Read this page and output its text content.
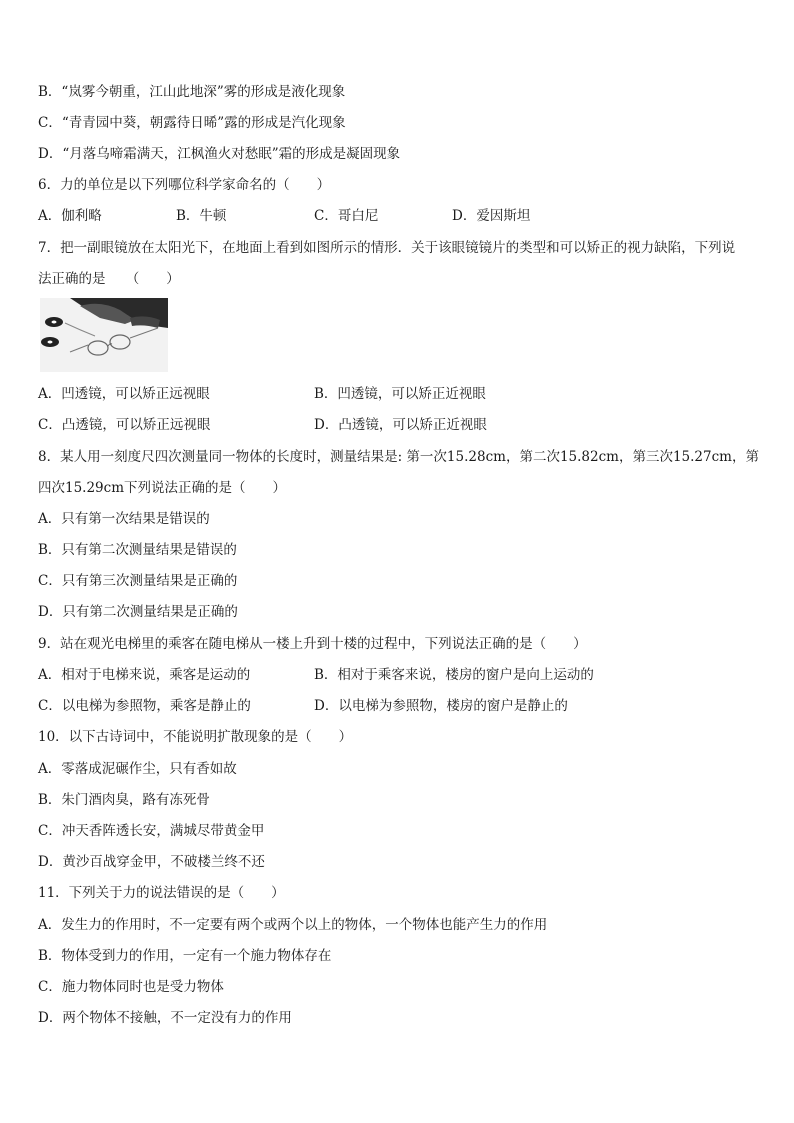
B．“岚雾今朝重，江山此地深”雾的形成是液化现象
C．“青青园中葵，朝露待日晞”露的形成是汽化现象
D．“月落乌啼霜满天，江枫渔火对愁眠”霜的形成是凝固现象
6．力的单位是以下列哪位科学家命名的（　　）
A．伽利略	B．牛顿	C．哥白尼	D．爱因斯坦
7．把一副眼镜放在太阳光下，在地面上看到如图所示的情形．关于该眼镜镜片的类型和可以矫正的视力缺陷，下列说
法正确的是　　（　　）
A．凹透镜，可以矫正远视眼	B．凹透镜，可以矫正近视眼
C．凸透镜，可以矫正远视眼	D．凸透镜，可以矫正近视眼
8．某人用一刻度尺四次测量同一物体的长度时，测量结果是: 第一次15.28cm，第二次15.82cm，第三次15.27cm，第
四次15.29cm下列说法正确的是（　　）
A．只有第一次结果是错误的
B．只有第二次测量结果是错误的
C．只有第三次测量结果是正确的
D．只有第二次测量结果是正确的
9．站在观光电梯里的乘客在随电梯从一楼上升到十楼的过程中，下列说法正确的是（　　）
A．相对于电梯来说，乘客是运动的	B．相对于乘客来说，楼房的窗户是向上运动的
C．以电梯为参照物，乘客是静止的	D．以电梯为参照物，楼房的窗户是静止的
10．以下古诗词中，不能说明扩散现象的是（　　）
A．零落成泥碾作尘，只有香如故
B．朱门酒肉臭，路有冻死骨
C．冲天香阵透长安，满城尽带黄金甲
D．黄沙百战穿金甲，不破楼兰终不还
11．下列关于力的说法错误的是（　　）
A．发生力的作用时，不一定要有两个或两个以上的物体，一个物体也能产生力的作用
B．物体受到力的作用，一定有一个施力物体存在
C．施力物体同时也是受力物体
D．两个物体不接触，不一定没有力的作用
